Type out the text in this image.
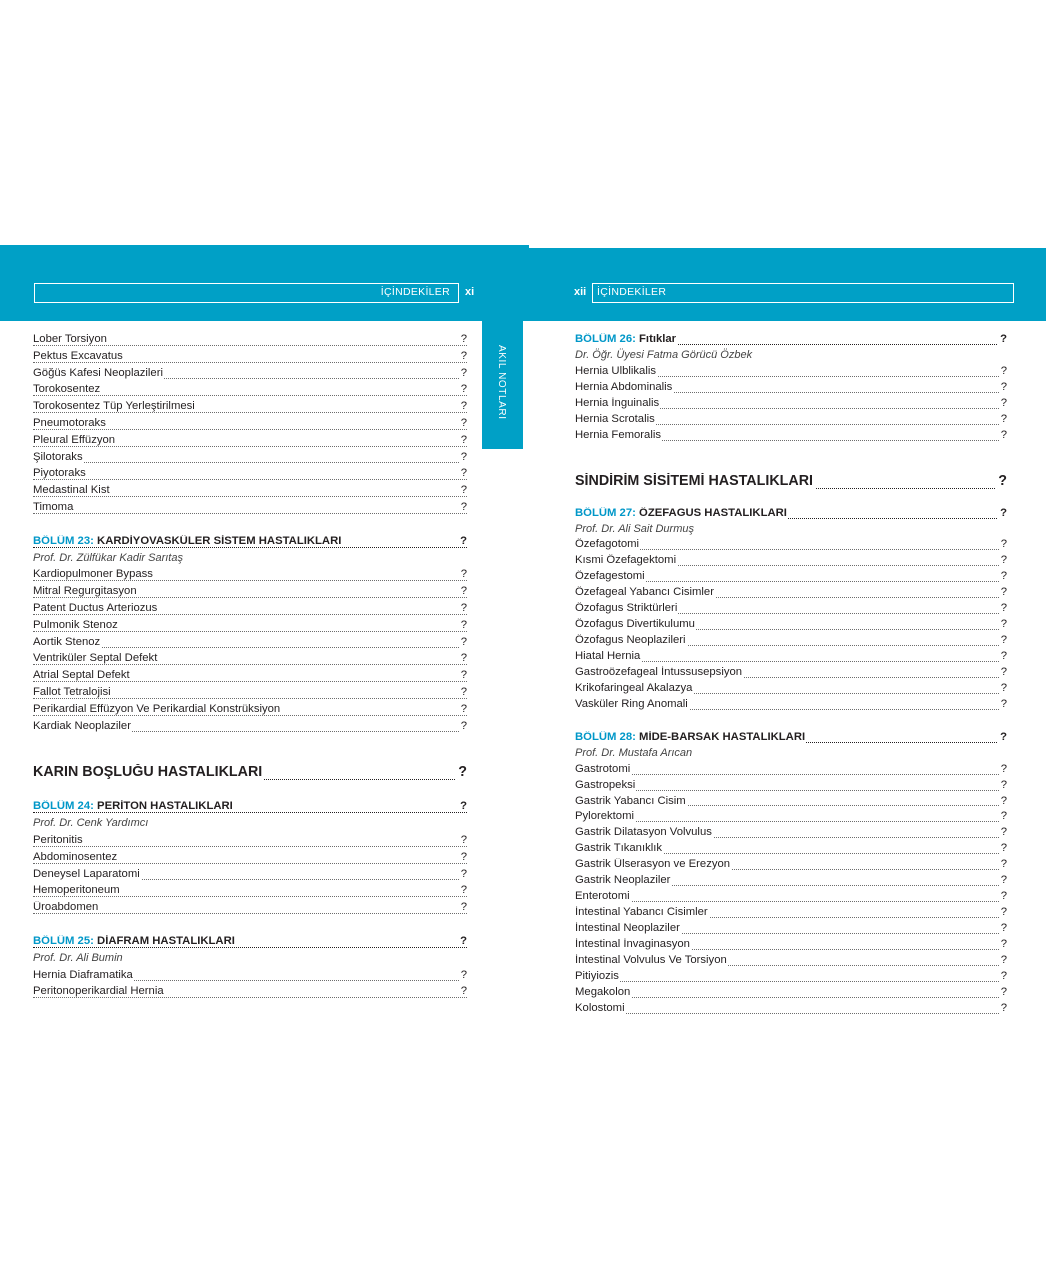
İÇİNDEKİLER	xi	xii	İÇİNDEKİLER
AKIL NOTLARI
Lober Torsiyon	?
Pektus Excavatus	?
Göğüs Kafesi Neoplazileri	?
Torokosentez	?
Torokosentez Tüp Yerleştirilmesi	?
Pneumotoraks	?
Pleural Effüzyon	?
Şilotoraks	?
Piyotoraks	?
Medastinal Kist	?
Timoma	?
BÖLÜM 23: KARDİYOVASKÜLER SİSTEM HASTALIKLARI	?
Prof. Dr. Zülfükar Kadir Sarıtaş
Kardiopulmoner Bypass	?
Mitral Regurgitasyon	?
Patent Ductus Arteriozus	?
Pulmonik Stenoz	?
Aortik Stenoz	?
Ventriküler Septal Defekt	?
Atrial Septal Defekt	?
Fallot Tetralojisi	?
Perikardial Effüzyon Ve Perikardial Konstrüksiyon	?
Kardiak Neoplaziler	?
KARIN BOŞLUĞU HASTALIKLARI	?
BÖLÜM 24: PERİTON HASTALIKLARI	?
Prof. Dr. Cenk Yardımcı
Peritonitis	?
Abdominosentez	?
Deneysel Laparatomi	?
Hemoperitoneum	?
Üroabdomen	?
BÖLÜM 25: DİAFRAM HASTALIKLARI	?
Prof. Dr. Ali Bumin
Hernia Diaframatika	?
Peritonoperikardial Hernia	?
BÖLÜM 26: Fıtıklar	?
Dr. Öğr. Üyesi Fatma Görücü Özbek
Hernia Ulblikalis	?
Hernia Abdominalis	?
Hernia İnguinalis	?
Hernia Scrotalis	?
Hernia Femoralis	?
SİNDİRİM SİSİTEMİ HASTALIKLARI	?
BÖLÜM 27: ÖZEFAGUS HASTALIKLARI	?
Prof. Dr. Ali Sait Durmuş
Özefagotomi	?
Kısmi Özefagektomi	?
Özefagestomi	?
Özefageal Yabancı Cisimler	?
Özofagus Striktürleri	?
Özofagus Divertikulumu	?
Özofagus Neoplazileri	?
Hiatal Hernia	?
Gastroözefageal İntussusepsiyon	?
Krikofaringeal Akalazya	?
Vasküler Ring Anomali	?
BÖLÜM 28: MİDE-BARSAK HASTALIKLARI	?
Prof. Dr. Mustafa Arıcan
Gastrotomi	?
Gastropeksi	?
Gastrik Yabancı Cisim	?
Pylorektomi	?
Gastrik Dilatasyon Volvulus	?
Gastrik Tıkanıklık	?
Gastrik Ülserasyon ve Erezyon	?
Gastrik Neoplaziler	?
Enterotomi	?
İntestinal Yabancı Cisimler	?
İntestinal Neoplaziler	?
İntestinal İnvaginasyon	?
İntestinal Volvulus Ve Torsiyon	?
Pitiyiozis	?
Megakolon	?
Kolostomi	?
